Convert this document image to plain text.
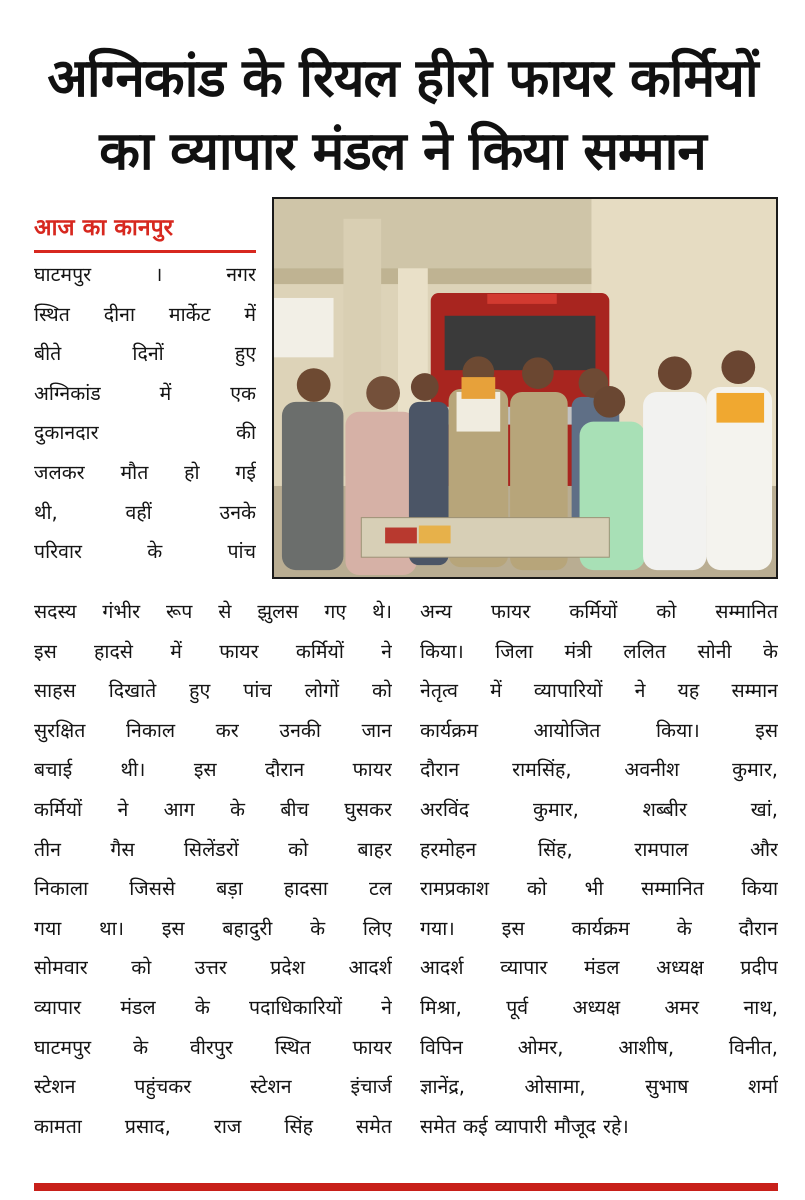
अग्निकांड के रियल हीरो फायर कर्मियों
का व्यापार मंडल ने किया सम्मान
आज का कानपुर
घाटमपुर । नगर
स्थित दीना मार्केट में
बीते दिनों हुए
अग्निकांड में एक
दुकानदार की
जलकर मौत हो गई
थी, वहीं उनके
परिवार के पांच
सदस्य गंभीर रूप से झुलस गए थे।
इस हादसे में फायर कर्मियों ने
साहस दिखाते हुए पांच लोगों को
सुरक्षित निकाल कर उनकी जान
बचाई थी। इस दौरान फायर
कर्मियों ने आग के बीच घुसकर
तीन गैस सिलेंडरों को बाहर
निकाला जिससे बड़ा हादसा टल
गया था। इस बहादुरी के लिए
सोमवार को उत्तर प्रदेश आदर्श
व्यापार मंडल के पदाधिकारियों ने
घाटमपुर के वीरपुर स्थित फायर
स्टेशन पहुंचकर स्टेशन इंचार्ज
कामता प्रसाद, राज सिंह समेत
अन्य फायर कर्मियों को सम्मानित
किया। जिला मंत्री ललित सोनी के
नेतृत्व में व्यापारियों ने यह सम्मान
कार्यक्रम आयोजित किया। इस
दौरान रामसिंह, अवनीश कुमार,
अरविंद कुमार, शब्बीर खां,
हरमोहन सिंह, रामपाल और
रामप्रकाश को भी सम्मानित किया
गया। इस कार्यक्रम के दौरान
आदर्श व्यापार मंडल अध्यक्ष प्रदीप
मिश्रा, पूर्व अध्यक्ष अमर नाथ,
विपिन ओमर, आशीष, विनीत,
ज्ञानेंद्र, ओसामा, सुभाष शर्मा
समेत कई व्यापारी मौजूद रहे।
